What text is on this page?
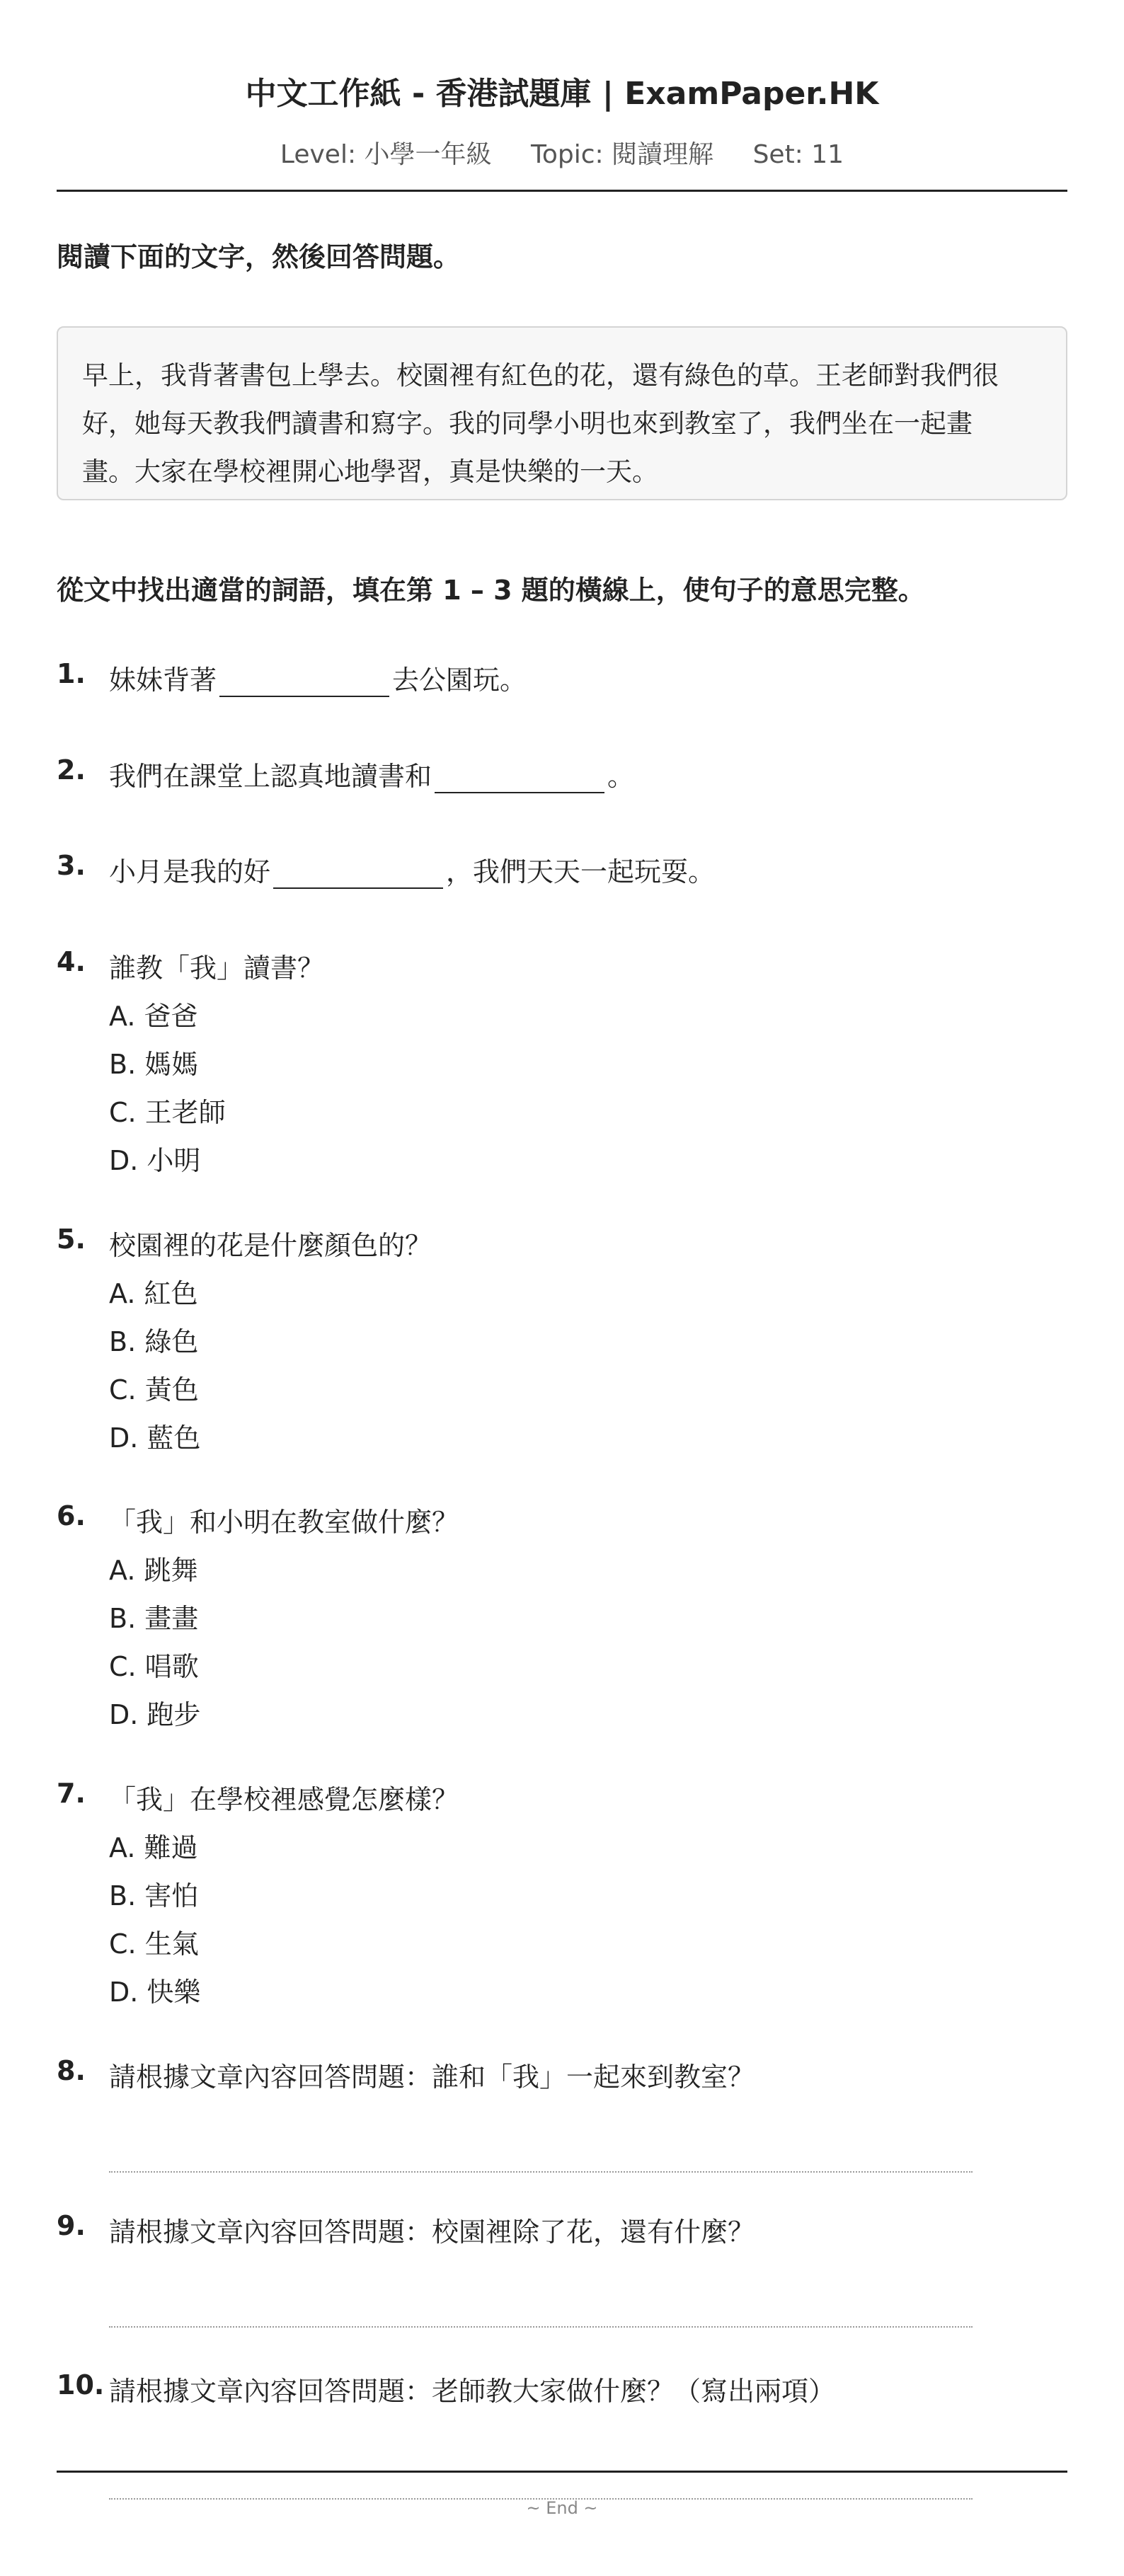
中文工作紙 - 香港試題庫 | ExamPaper.HK
Level: 小學一年級 Topic: 閱讀理解 Set: 11
閱讀下面的文字，然後回答問題。
早上，我背著書包上學去。校園裡有紅色的花，還有綠色的草。王老師對我們很
好，她每天教我們讀書和寫字。我的同學小明也來到教室了，我們坐在一起畫
畫。大家在學校裡開心地學習，真是快樂的一天。
從文中找出適當的詞語，填在第 1 – 3 題的橫線上，使句子的意思完整。
1. 妹妹背著	去公園玩。
2. 我們在課堂上認真地讀書和	。
3. 小月是我的好	，我們天天一起玩耍。
4. 誰教「我」讀書？
A. 爸爸
B. 媽媽
C. 王老師
D. 小明
5. 校園裡的花是什麼顏色的？
A. 紅色
B. 綠色
C. 黃色
D. 藍色
6. 「我」和小明在教室做什麼？
A. 跳舞
B. 畫畫
C. 唱歌
D. 跑步
7. 「我」在學校裡感覺怎麼樣？
A. 難過
B. 害怕
C. 生氣
D. 快樂
8. 請根據文章內容回答問題：誰和「我」一起來到教室？
9. 請根據文章內容回答問題：校園裡除了花，還有什麼？
10. 請根據文章內容回答問題：老師教大家做什麼？（寫出兩項）
~ End ~
